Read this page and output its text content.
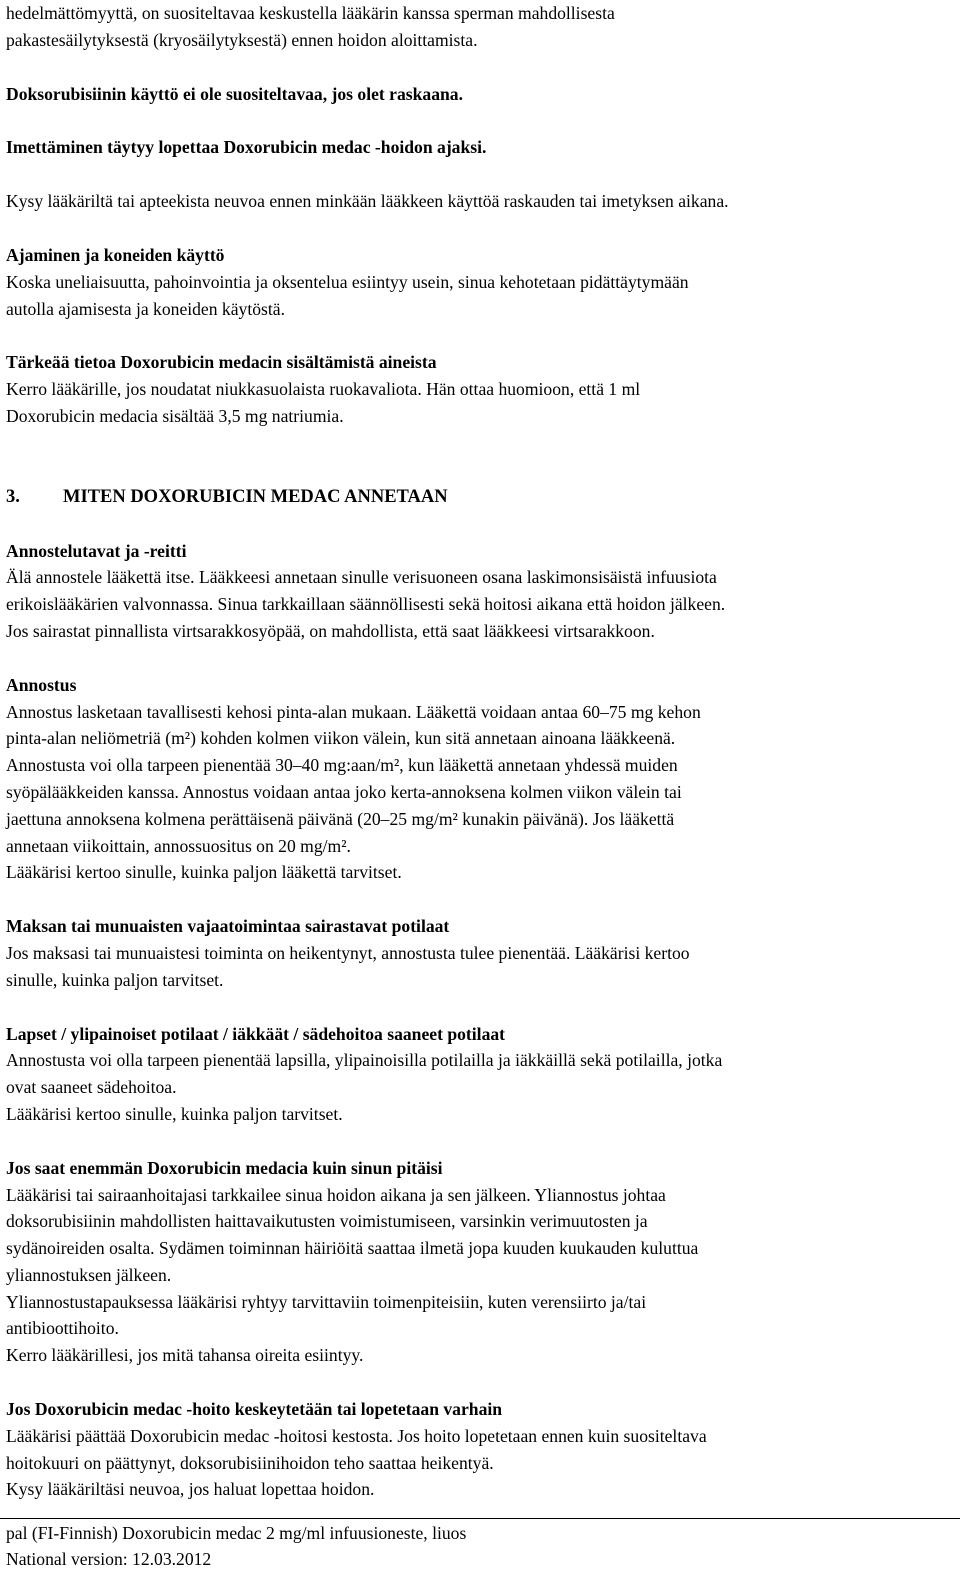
hedelmättömyyttä, on suositeltavaa keskustella lääkärin kanssa sperman mahdollisesta

pakastesäilytyksestä (kryosäilytyksestä) ennen hoidon aloittamista.

Doksorubisiinin käyttö ei ole suositeltavaa, jos olet raskaana.

Imettäminen täytyy lopettaa Doxorubicin medac -hoidon ajaksi.

Kysy lääkäriltä tai apteekista neuvoa ennen minkään lääkkeen käyttöä raskauden tai imetyksen aikana.

Ajaminen ja koneiden käyttö

Koska uneliaisuutta, pahoinvointia ja oksentelua esiintyy usein, sinua kehotetaan pidättäytymään

autolla ajamisesta ja koneiden käytöstä.

Tärkeää tietoa Doxorubicin medacin sisältämistä aineista

Kerro lääkärille, jos noudatat niukkasuolaista ruokavaliota. Hän ottaa huomioon, että 1 ml

Doxorubicin medacia sisältää 3,5 mg natriumia.

3. MITEN DOXORUBICIN MEDAC ANNETAAN

Annostelutavat ja -reitti

Älä annostele lääkettä itse. Lääkkeesi annetaan sinulle verisuoneen osana laskimonsisäistä infuusiota

erikoislääkärien valvonnassa. Sinua tarkkaillaan säännöllisesti sekä hoitosi aikana että hoidon jälkeen.

Jos sairastat pinnallista virtsarakkosyöpää, on mahdollista, että saat lääkkeesi virtsarakkoon.

Annostus

Annostus lasketaan tavallisesti kehosi pinta-alan mukaan. Lääkettä voidaan antaa 60–75 mg kehon

pinta-alan neliömetriä (m²) kohden kolmen viikon välein, kun sitä annetaan ainoana lääkkeenä.

Annostusta voi olla tarpeen pienentää 30–40 mg:aan/m², kun lääkettä annetaan yhdessä muiden

syöpälääkkeiden kanssa. Annostus voidaan antaa joko kerta-annoksena kolmen viikon välein tai

jaettuna annoksena kolmena perättäisenä päivänä (20–25 mg/m² kunakin päivänä). Jos lääkettä

annetaan viikoittain, annossuositus on 20 mg/m².

Lääkärisi kertoo sinulle, kuinka paljon lääkettä tarvitset.

Maksan tai munuaisten vajaatoimintaa sairastavat potilaat

Jos maksasi tai munuaistesi toiminta on heikentynyt, annostusta tulee pienentää. Lääkärisi kertoo

sinulle, kuinka paljon tarvitset.

Lapset / ylipainoiset potilaat / iäkkäät / sädehoitoa saaneet potilaat

Annostusta voi olla tarpeen pienentää lapsilla, ylipainoisilla potilailla ja iäkkäillä sekä potilailla, jotka

ovat saaneet sädehoitoa.

Lääkärisi kertoo sinulle, kuinka paljon tarvitset.

Jos saat enemmän Doxorubicin medacia kuin sinun pitäisi

Lääkärisi tai sairaanhoitajasi tarkkailee sinua hoidon aikana ja sen jälkeen. Yliannostus johtaa

doksorubisiinin mahdollisten haittavaikutusten voimistumiseen, varsinkin verimuutosten ja

sydänoireiden osalta. Sydämen toiminnan häiriöitä saattaa ilmetä jopa kuuden kuukauden kuluttua

yliannostuksen jälkeen.

Yliannostustapauksessa lääkärisi ryhtyy tarvittaviin toimenpiteisiin, kuten verensiirto ja/tai

antibioottihoito.

Kerro lääkärillesi, jos mitä tahansa oireita esiintyy.

Jos Doxorubicin medac -hoito keskeytetään tai lopetetaan varhain

Lääkärisi päättää Doxorubicin medac -hoitosi kestosta. Jos hoito lopetetaan ennen kuin suositeltava

hoitokuuri on päättynyt, doksorubisiinihoidon teho saattaa heikentyä.

Kysy lääkäriltäsi neuvoa, jos haluat lopettaa hoidon.

pal (FI-Finnish) Doxorubicin medac 2 mg/ml infuusioneste, liuos
National version: 12.03.2012
